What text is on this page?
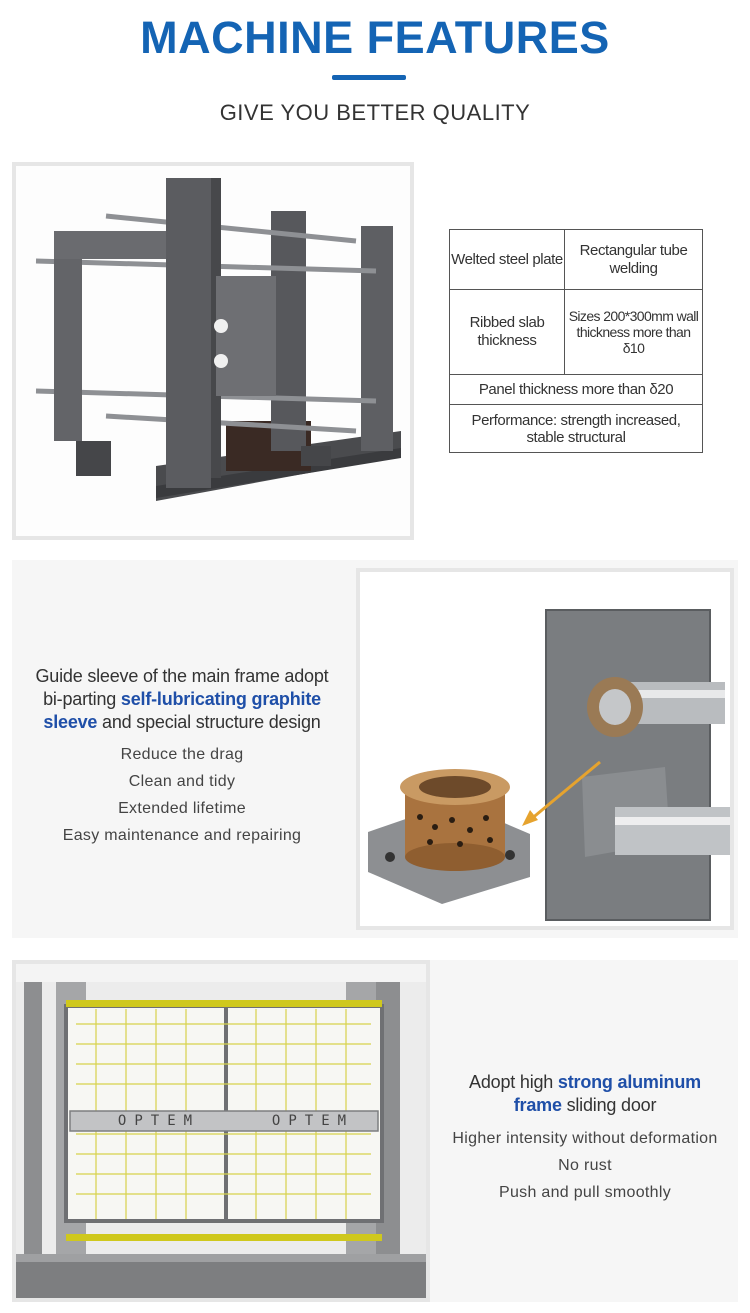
MACHINE FEATURES
GIVE YOU BETTER QUALITY
Welted steel plate	Rectangular tube welding
Ribbed slab thickness	Sizes 200*300mm wall thickness more than δ10
Panel thickness more than δ20	
Performance: strength increased, stable structural	
Guide sleeve of the main frame adopt
bi-parting self-lubricating graphite
sleeve and special structure design
Reduce the drag
Clean and tidy
Extended lifetime
Easy maintenance and repairing
OPTEM	OPTEM
Adopt high strong aluminum
frame sliding door
Higher intensity without deformation
No rust
Push and pull smoothly
